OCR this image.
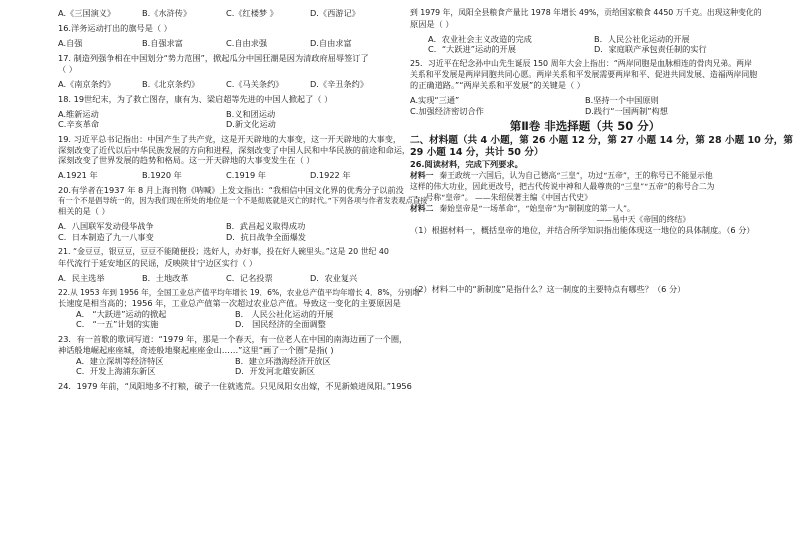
A.《三国演义》	B.《水浒传》	C.《红楼梦 》	D.《西游记》
16.洋务运动打出的旗号是（ ）
A.自强	B.自强求富	C.自由求强	D.自由求富
17. 制造列强争相在中国划分“势力范围”，掀起瓜分中国狂潮是因为清政府屈辱签订了
（ ）
A.《南京条约》	B.《北京条约》	C.《马关条约》	D.《辛丑条约》
18. 19世纪末，为了救亡图存，康有为、梁启超等先进的中国人掀起了（ ）
A.维新运动	B.义和团运动
C.辛亥革命	D.新文化运动
19. 习近平总书记指出：中国产生了共产党，这是开天辟地的大事变，这一开天辟地的大事变，
深刻改变了近代以后中华民族发展的方向和进程，深刻改变了中国人民和中华民族的前途和命运，
深刻改变了世界发展的趋势和格局。这一开天辟地的大事变发生在（ ）
A.1921 年	B.1920 年	C.1919 年	D.1922 年
20.有学者在1937 年 8 月上海刊物《呐喊》上发文指出：“我相信中国文化界的优秀分子以前没
有一个不是倡导统一的，因为我们现在所处的地位是一个不是彻底就是灭亡的时代。”下列各项与作者发表观点直接
相关的是（ ）
A．八国联军发动侵华战争	B．武昌起义取得成功
C．日本制造了九一八事变	D．抗日战争全面爆发
21. “金豆豆，银豆豆，豆豆不能随便投；选好人，办好事，投在好人碗里头。”这是 20 世纪 40
年代流行于延安地区的民谣，反映陕甘宁边区实行（ ）
A．民主选举	B．土地改革	C．记名投票	D．农业复兴
22.从 1953 年到 1956 年，全国工业总产值平均年增长 19．6%，农业总产值平均年增长 4．8%，分别增
长速度是相当高的；1956 年，工业总产值第一次超过农业总产值。导致这一变化的主要原因是
A． “大跃进”运动的掀起	B． 人民公社化运动的开展
C． “一五”计划的实施	D． 国民经济的全面调整
23．有一首歌的歌词写道：“1979 年，那是一个春天，有一位老人在中国的南海边画了一个圈，
神话般地崛起座座城，奇迹般地聚起座座金山……”这里“画了一个圈”是指( )
A．建立深圳等经济特区	B．建立环渤海经济开放区
C．开发上海浦东新区	D．开发河北雄安新区
24．1979 年前，“凤阳地多不打粮，破子一住就逃荒。只见凤阳女出嫁，不见新娘进凤阳。”1956
到 1979 年，凤阳全县粮食产量比 1978 年增长 49%，贡给国家粮食 4450 万千克。出现这种变化的
原因是（ ）
A．农业社会主义改造的完成	B．人民公社化运动的开展
C．“大跃进”运动的开展	D．家庭联产承包责任制的实行
25．习近平在纪念孙中山先生诞辰 150 周年大会上指出：“两岸同胞是血脉相连的骨肉兄弟。两岸
关系和平发展是两岸同胞共同心愿。两岸关系和平发展需要两岸和平、促进共同发展、造福两岸同胞
的正确道路。”“两岸关系和平发展”的关键是（ ）
A.实现“三通”	B.坚持一个中国原则
C.加强经济密切合作	D.践行“一国两制”构想
第Ⅱ卷 非选择题（共 50 分）
二、材料题（共 4 小题，第 26 小题 12 分，第 27 小题 14 分，第 28 小题 10 分，第
29 小题 14 分，共计 50 分）
26.阅读材料，完成下列要求。
材料一 秦王政统一六国后，认为自己德高“三皇”，功过“五帝”，王的称号已不能显示他
这样的伟大功业，因此更改号，把古代传说中神和人最尊贵的“三皇”“五帝”的称号合二为
一，号称“皇帝”。 ——朱绍侯著主编《中国古代史》
材料二 秦始皇帝是“一场革命”，“始皇帝”为“制制度的第一人”。
——易中天《帝国的终结》
（1）根据材料一，概括皇帝的地位，并结合所学知识指出能体现这一地位的具体制度。（6 分）
（2）材料二中的“新制度”是指什么？这一制度的主要特点有哪些？（6 分）
